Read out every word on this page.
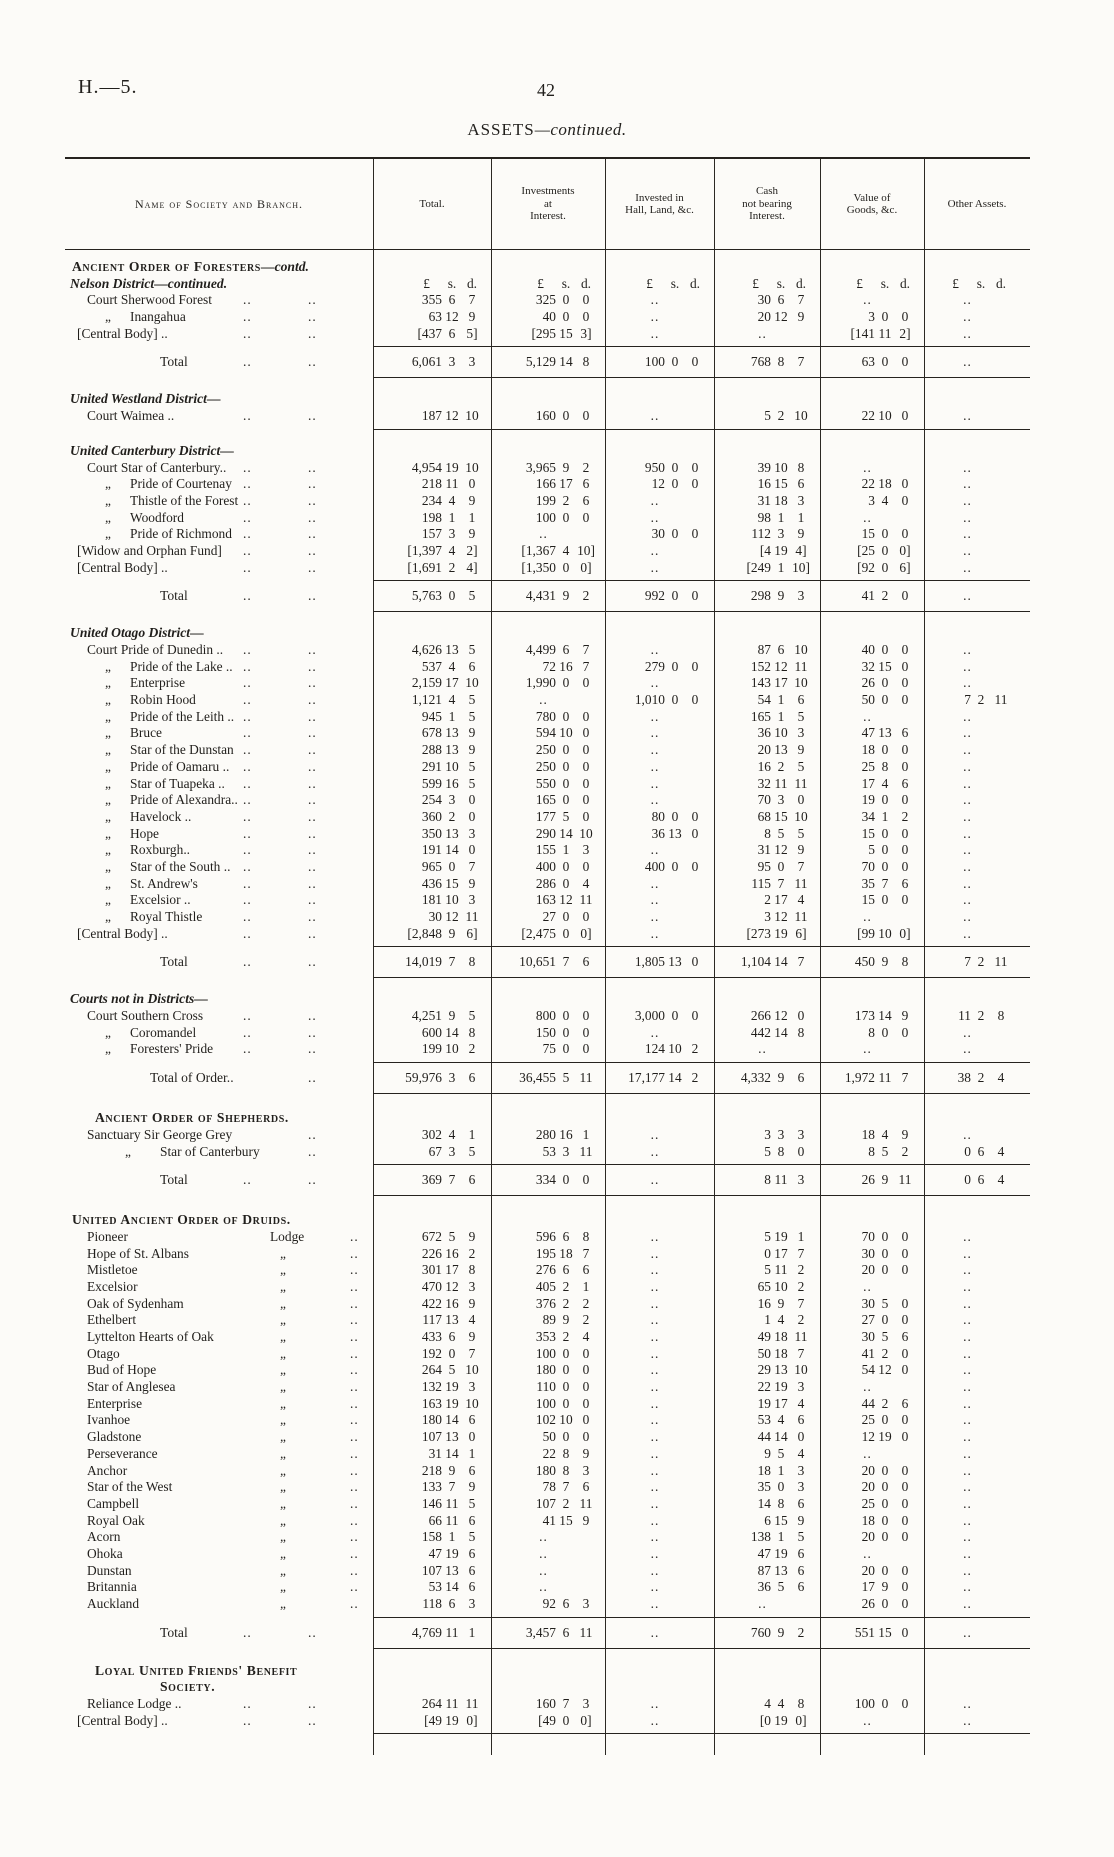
H.—5.	42
ASSETS—continued.
Name of Society and Branch.	Total.
Investments
at
Interest.
Invested in
Hall, Land, &c.
Cash
not bearing
Interest.
Value of
Goods, &c.
Other Assets.
Ancient Order of Foresters—contd.
Nelson District—continued.	£	s. d.	£	s. d.	£	s. d.	£	s. d.	£	s. d.	£	s. d.
Court Sherwood Forest ..	..	355 6 7	325 0 0	..	30 6 7	..	..
„ Inangahua	..	..	63 12 9	40 0 0	..	20 12 9	3 0 0	..
[Central Body] ..	..	..	[437 6 5]	[295 15 3]	..	..	[141 11 2]	..
Total	..	..	6,061 3 3	5,129 14 8	100 0 0	768 8 7	63 0 0	..
United Westland District—
Court Waimea ..	..	..	187 12 10	160 0 0	..	5 2 10	22 10 0	..
United Canterbury District—
Court Star of Canterbury.. ..	..	4,954 19 10	3,965 9 2	950 0 0	39 10 8	..	..
„ Pride of Courtenay ..	..	218 11 0	166 17 6	12 0 0	16 15 6	22 18 0	..
„ Thistle of the Forest ..	..	234 4 9	199 2 6	..	31 18 3	3 4 0	..
„ Woodford	..	..	198 1 1	100 0 0	..	98 1 1	..	..
„ Pride of Richmond ..	..	157 3 9	..	30 0 0	112 3 9	15 0 0	..
[Widow and Orphan Fund] ..	..	[1,397 4 2]	[1,367 4 10]	..	[4 19 4]	[25 0 0]	..
[Central Body] ..	..	..	[1,691 2 4]	[1,350 0 0]	..	[249 1 10]	[92 0 6]	..
Total	..	..	5,763 0 5	4,431 9 2	992 0 0	298 9 3	41 2 0	..
United Otago District—
Court Pride of Dunedin .. ..	..	4,626 13 5	4,499 6 7	..	87 6 10	40 0 0	..
„ Pride of the Lake .. ..	..	537 4 6	72 16 7	279 0 0	152 12 11	32 15 0	..
„ Enterprise	..	..	2,159 17 10	1,990 0 0	..	143 17 10	26 0 0	..
„ Robin Hood	..	..	1,121 4 5	..	1,010 0 0	54 1 6	50 0 0	7 2 11
„ Pride of the Leith .. ..	..	945 1 5	780 0 0	..	165 1 5	..	..
„ Bruce	..	..	678 13 9	594 10 0	..	36 10 3	47 13 6	..
„ Star of the Dunstan ..	..	288 13 9	250 0 0	..	20 13 9	18 0 0	..
„ Pride of Oamaru .. ..	..	291 10 5	250 0 0	..	16 2 5	25 8 0	..
„ Star of Tuapeka .. ..	..	599 16 5	550 0 0	..	32 11 11	17 4 6	..
„ Pride of Alexandra.. ..	..	254 3 0	165 0 0	..	70 3 0	19 0 0	..
„ Havelock ..	..	..	360 2 0	177 5 0	80 0 0	68 15 10	34 1 2	..
„ Hope	..	..	350 13 3	290 14 10	36 13 0	8 5 5	15 0 0	..
„ Roxburgh..	..	..	191 14 0	155 1 3	..	31 12 9	5 0 0	..
„ Star of the South .. ..	..	965 0 7	400 0 0	400 0 0	95 0 7	70 0 0	..
„ St. Andrew's	..	..	436 15 9	286 0 4	..	115 7 11	35 7 6	..
„ Excelsior ..	..	..	181 10 3	163 12 11	..	2 17 4	15 0 0	..
„ Royal Thistle	..	..	30 12 11	27 0 0	..	3 12 11	..	..
[Central Body] ..	..	..	[2,848 9 6]	[2,475 0 0]	..	[273 19 6]	[99 10 0]	..
Total	..	..	14,019 7 8	10,651 7 6	1,805 13 0	1,104 14 7	450 9 8	7 2 11
Courts not in Districts—
Court Southern Cross	..	..	4,251 9 5	800 0 0	3,000 0 0	266 12 0	173 14 9	11 2 8
„ Coromandel	..	..	600 14 8	150 0 0	..	442 14 8	8 0 0	..
„ Foresters' Pride ..	..	199 10 2	75 0 0	124 10 2	..	..	..
Total of Order..	..	59,976 3 6	36,455 5 11	17,177 14 2	4,332 9 6	1,972 11 7	38 2 4
Ancient Order of Shepherds.
Sanctuary Sir George Grey	..	302 4 1	280 16 1	..	3 3 3	18 4 9	..
„ Star of Canterbury	..	67 3 5	53 3 11	..	5 8 0	8 5 2	0 6 4
Total	..	..	369 7 6	334 0 0	..	8 11 3	26 9 11	0 6 4
United Ancient Order of Druids.
Pioneer	Lodge	..	672 5 9	596 6 8	..	5 19 1	70 0 0	..
Hope of St. Albans	„	..	226 16 2	195 18 7	..	0 17 7	30 0 0	..
Mistletoe	„	..	301 17 8	276 6 6	..	5 11 2	20 0 0	..
Excelsior	„	..	470 12 3	405 2 1	..	65 10 2	..	..
Oak of Sydenham	„	..	422 16 9	376 2 2	..	16 9 7	30 5 0	..
Ethelbert	„	..	117 13 4	89 9 2	..	1 4 2	27 0 0	..
Lyttelton Hearts of Oak	„	..	433 6 9	353 2 4	..	49 18 11	30 5 6	..
Otago	„	..	192 0 7	100 0 0	..	50 18 7	41 2 0	..
Bud of Hope	„	..	264 5 10	180 0 0	..	29 13 10	54 12 0	..
Star of Anglesea	„	..	132 19 3	110 0 0	..	22 19 3	..	..
Enterprise	„	..	163 19 10	100 0 0	..	19 17 4	44 2 6	..
Ivanhoe	„	..	180 14 6	102 10 0	..	53 4 6	25 0 0	..
Gladstone	„	..	107 13 0	50 0 0	..	44 14 0	12 19 0	..
Perseverance	„	..	31 14 1	22 8 9	..	9 5 4	..	..
Anchor	„	..	218 9 6	180 8 3	..	18 1 3	20 0 0	..
Star of the West	„	..	133 7 9	78 7 6	..	35 0 3	20 0 0	..
Campbell	„	..	146 11 5	107 2 11	..	14 8 6	25 0 0	..
Royal Oak	„	..	66 11 6	41 15 9	..	6 15 9	18 0 0	..
Acorn	„	..	158 1 5	..	..	138 1 5	20 0 0	..
Ohoka	„	..	47 19 6	..	..	47 19 6	..	..
Dunstan	„	..	107 13 6	..	..	87 13 6	20 0 0	..
Britannia	„	..	53 14 6	..	..	36 5 6	17 9 0	..
Auckland	„	..	118 6 3	92 6 3	..	..	26 0 0	..
Total	..	..	4,769 11 1	3,457 6 11	..	760 9 2	551 15 0	..
Loyal United Friends' Benefit
Society.
Reliance Lodge ..	..	..	264 11 11	160 7 3	..	4 4 8	100 0 0	..
[Central Body] ..	..	..	[49 19 0]	[49 0 0]	..	[0 19 0]	..	..
